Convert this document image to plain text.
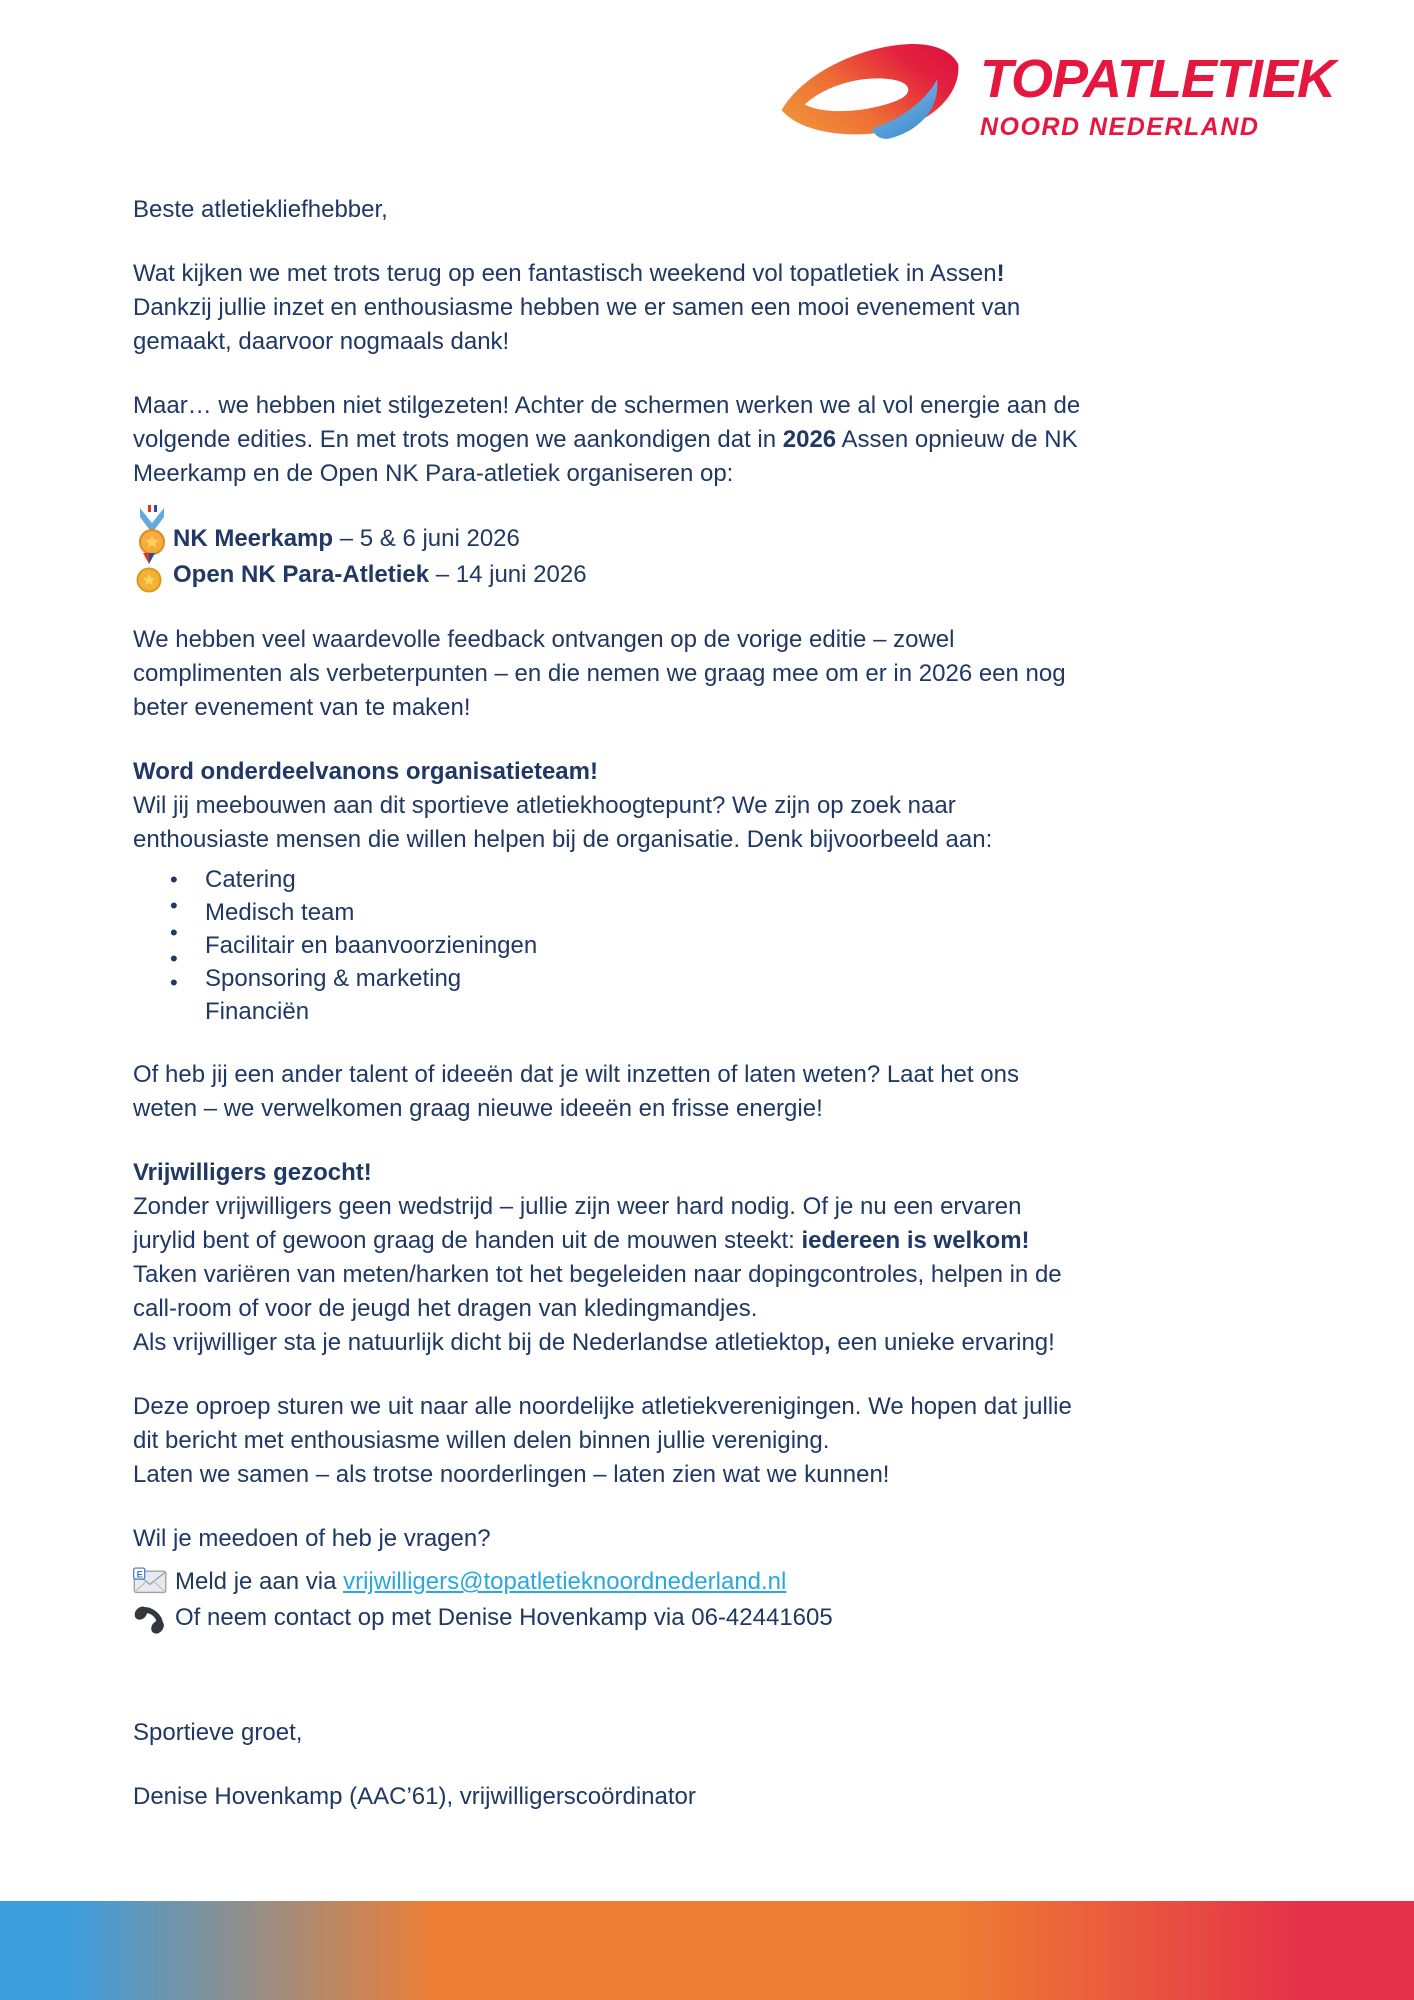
TOPATLETIEK
NOORD NEDERLAND
Beste atletiekliefhebber,
Wat kijken we met trots terug op een fantastisch weekend vol topatletiek in Assen!
Dankzij jullie inzet en enthousiasme hebben we er samen een mooi evenement van
gemaakt, daarvoor nogmaals dank!
Maar… we hebben niet stilgezeten! Achter de schermen werken we al vol energie aan de
volgende edities. En met trots mogen we aankondigen dat in 2026 Assen opnieuw de NK
Meerkamp en de Open NK Para-atletiek organiseren op:
NK Meerkamp – 5 & 6 juni 2026
Open NK Para-Atletiek – 14 juni 2026
We hebben veel waardevolle feedback ontvangen op de vorige editie – zowel
complimenten als verbeterpunten – en die nemen we graag mee om er in 2026 een nog
beter evenement van te maken!
Word onderdeelvanons organisatieteam!
Wil jij meebouwen aan dit sportieve atletiekhoogtepunt? We zijn op zoek naar
enthousiaste mensen die willen helpen bij de organisatie. Denk bijvoorbeeld aan:
•	Catering
•	Medisch team
•	Facilitair en baanvoorzieningen
•
Sponsoring & marketing
•
Financiën
Of heb jij een ander talent of ideeën dat je wilt inzetten of laten weten? Laat het ons
weten – we verwelkomen graag nieuwe ideeën en frisse energie!
Vrijwilligers gezocht!
Zonder vrijwilligers geen wedstrijd – jullie zijn weer hard nodig. Of je nu een ervaren
jurylid bent of gewoon graag de handen uit de mouwen steekt: iedereen is welkom!
Taken variëren van meten/harken tot het begeleiden naar dopingcontroles, helpen in de
call-room of voor de jeugd het dragen van kledingmandjes.
Als vrijwilliger sta je natuurlijk dicht bij de Nederlandse atletiektop, een unieke ervaring!
Deze oproep sturen we uit naar alle noordelijke atletiekverenigingen. We hopen dat jullie
dit bericht met enthousiasme willen delen binnen jullie vereniging.
Laten we samen – als trotse noorderlingen – laten zien wat we kunnen!
Wil je meedoen of heb je vragen?
E Meld je aan via vrijwilligers@topatletieknoordnederland.nl
Of neem contact op met Denise Hovenkamp via 06-42441605
Sportieve groet,
Denise Hovenkamp (AAC’61), vrijwilligerscoördinator
